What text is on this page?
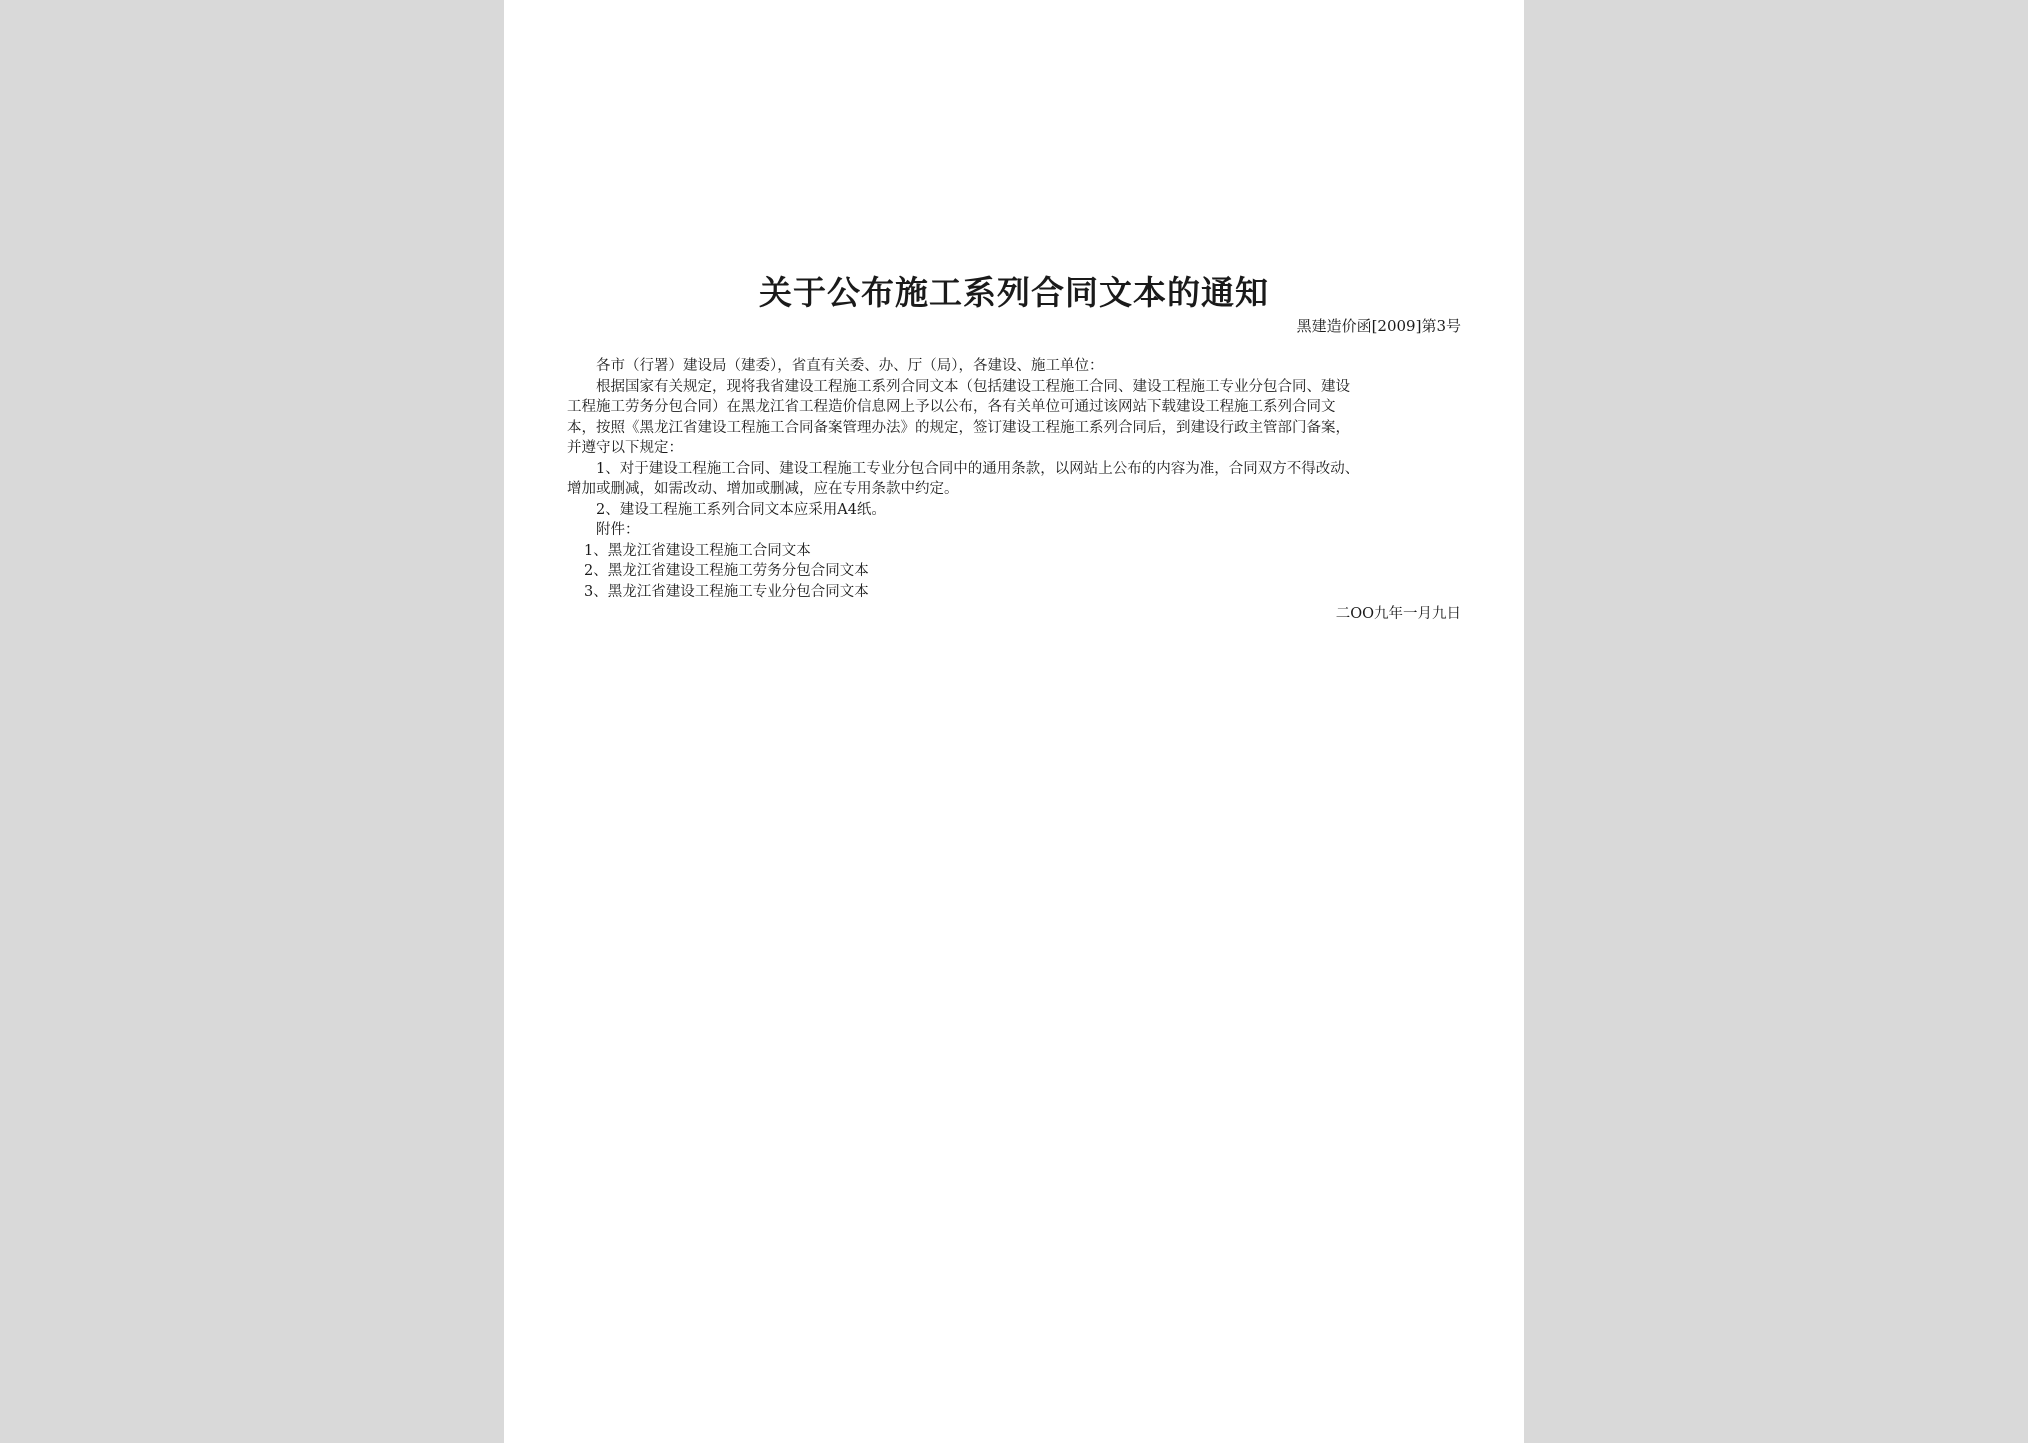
关于公布施工系列合同文本的通知
黑建造价函[2009]第3号
各市（行署）建设局（建委），省直有关委、办、厅（局），各建设、施工单位：
根据国家有关规定，现将我省建设工程施工系列合同文本（包括建设工程施工合同、建设工程施工专业分包合同、建设
工程施工劳务分包合同）在黑龙江省工程造价信息网上予以公布，各有关单位可通过该网站下载建设工程施工系列合同文
本，按照《黑龙江省建设工程施工合同备案管理办法》的规定，签订建设工程施工系列合同后，到建设行政主管部门备案，
并遵守以下规定：
1、对于建设工程施工合同、建设工程施工专业分包合同中的通用条款，以网站上公布的内容为准，合同双方不得改动、
增加或删减，如需改动、增加或删减，应在专用条款中约定。
2、建设工程施工系列合同文本应采用A4纸。
附件：
1、黑龙江省建设工程施工合同文本
2、黑龙江省建设工程施工劳务分包合同文本
3、黑龙江省建设工程施工专业分包合同文本
二OO九年一月九日
